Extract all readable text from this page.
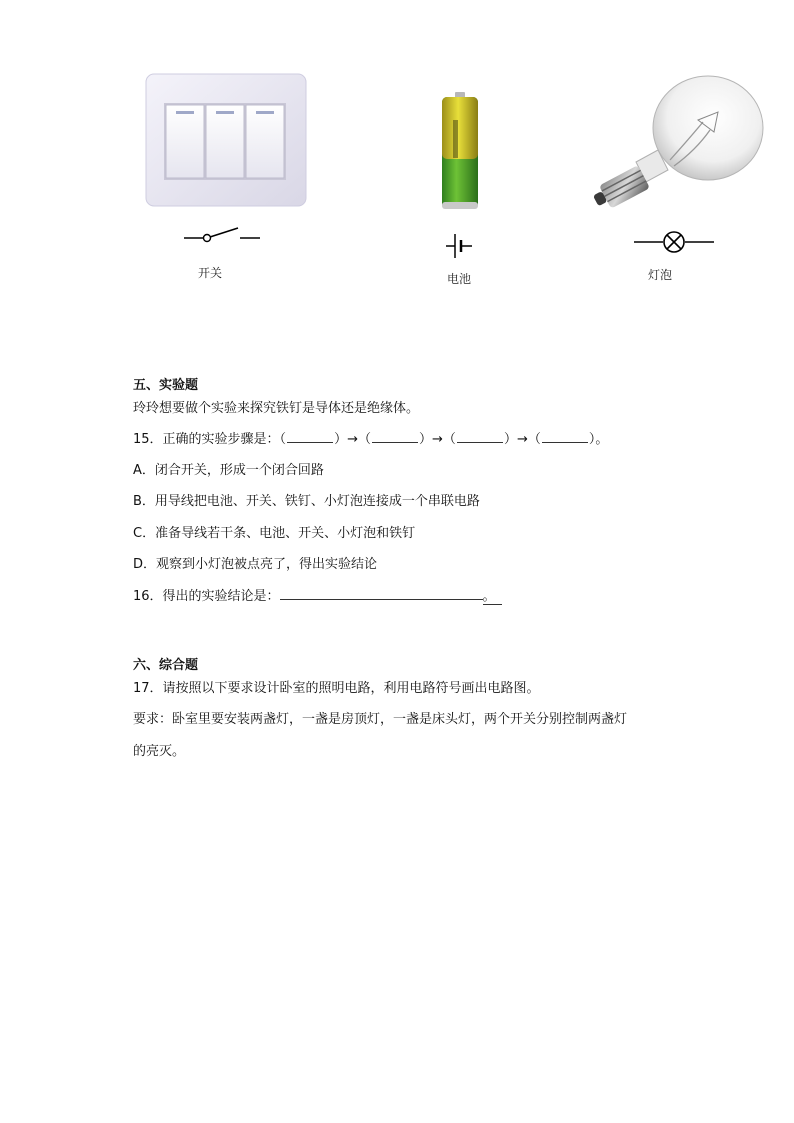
开关	电池	灯泡
五、实验题
玲玲想要做个实验来探究铁钉是导体还是绝缘体。
15．正确的实验步骤是：（	）→（	）→（	）→（	）。
A．闭合开关，形成一个闭合回路
B．用导线把电池、开关、铁钉、小灯泡连接成一个串联电路
C．准备导线若干条、电池、开关、小灯泡和铁钉
D．观察到小灯泡被点亮了，得出实验结论
16．得出的实验结论是：	。
六、综合题
17．请按照以下要求设计卧室的照明电路，利用电路符号画出电路图。
要求：卧室里要安装两盏灯，一盏是房顶灯，一盏是床头灯，两个开关分别控制两盏灯
的亮灭。
